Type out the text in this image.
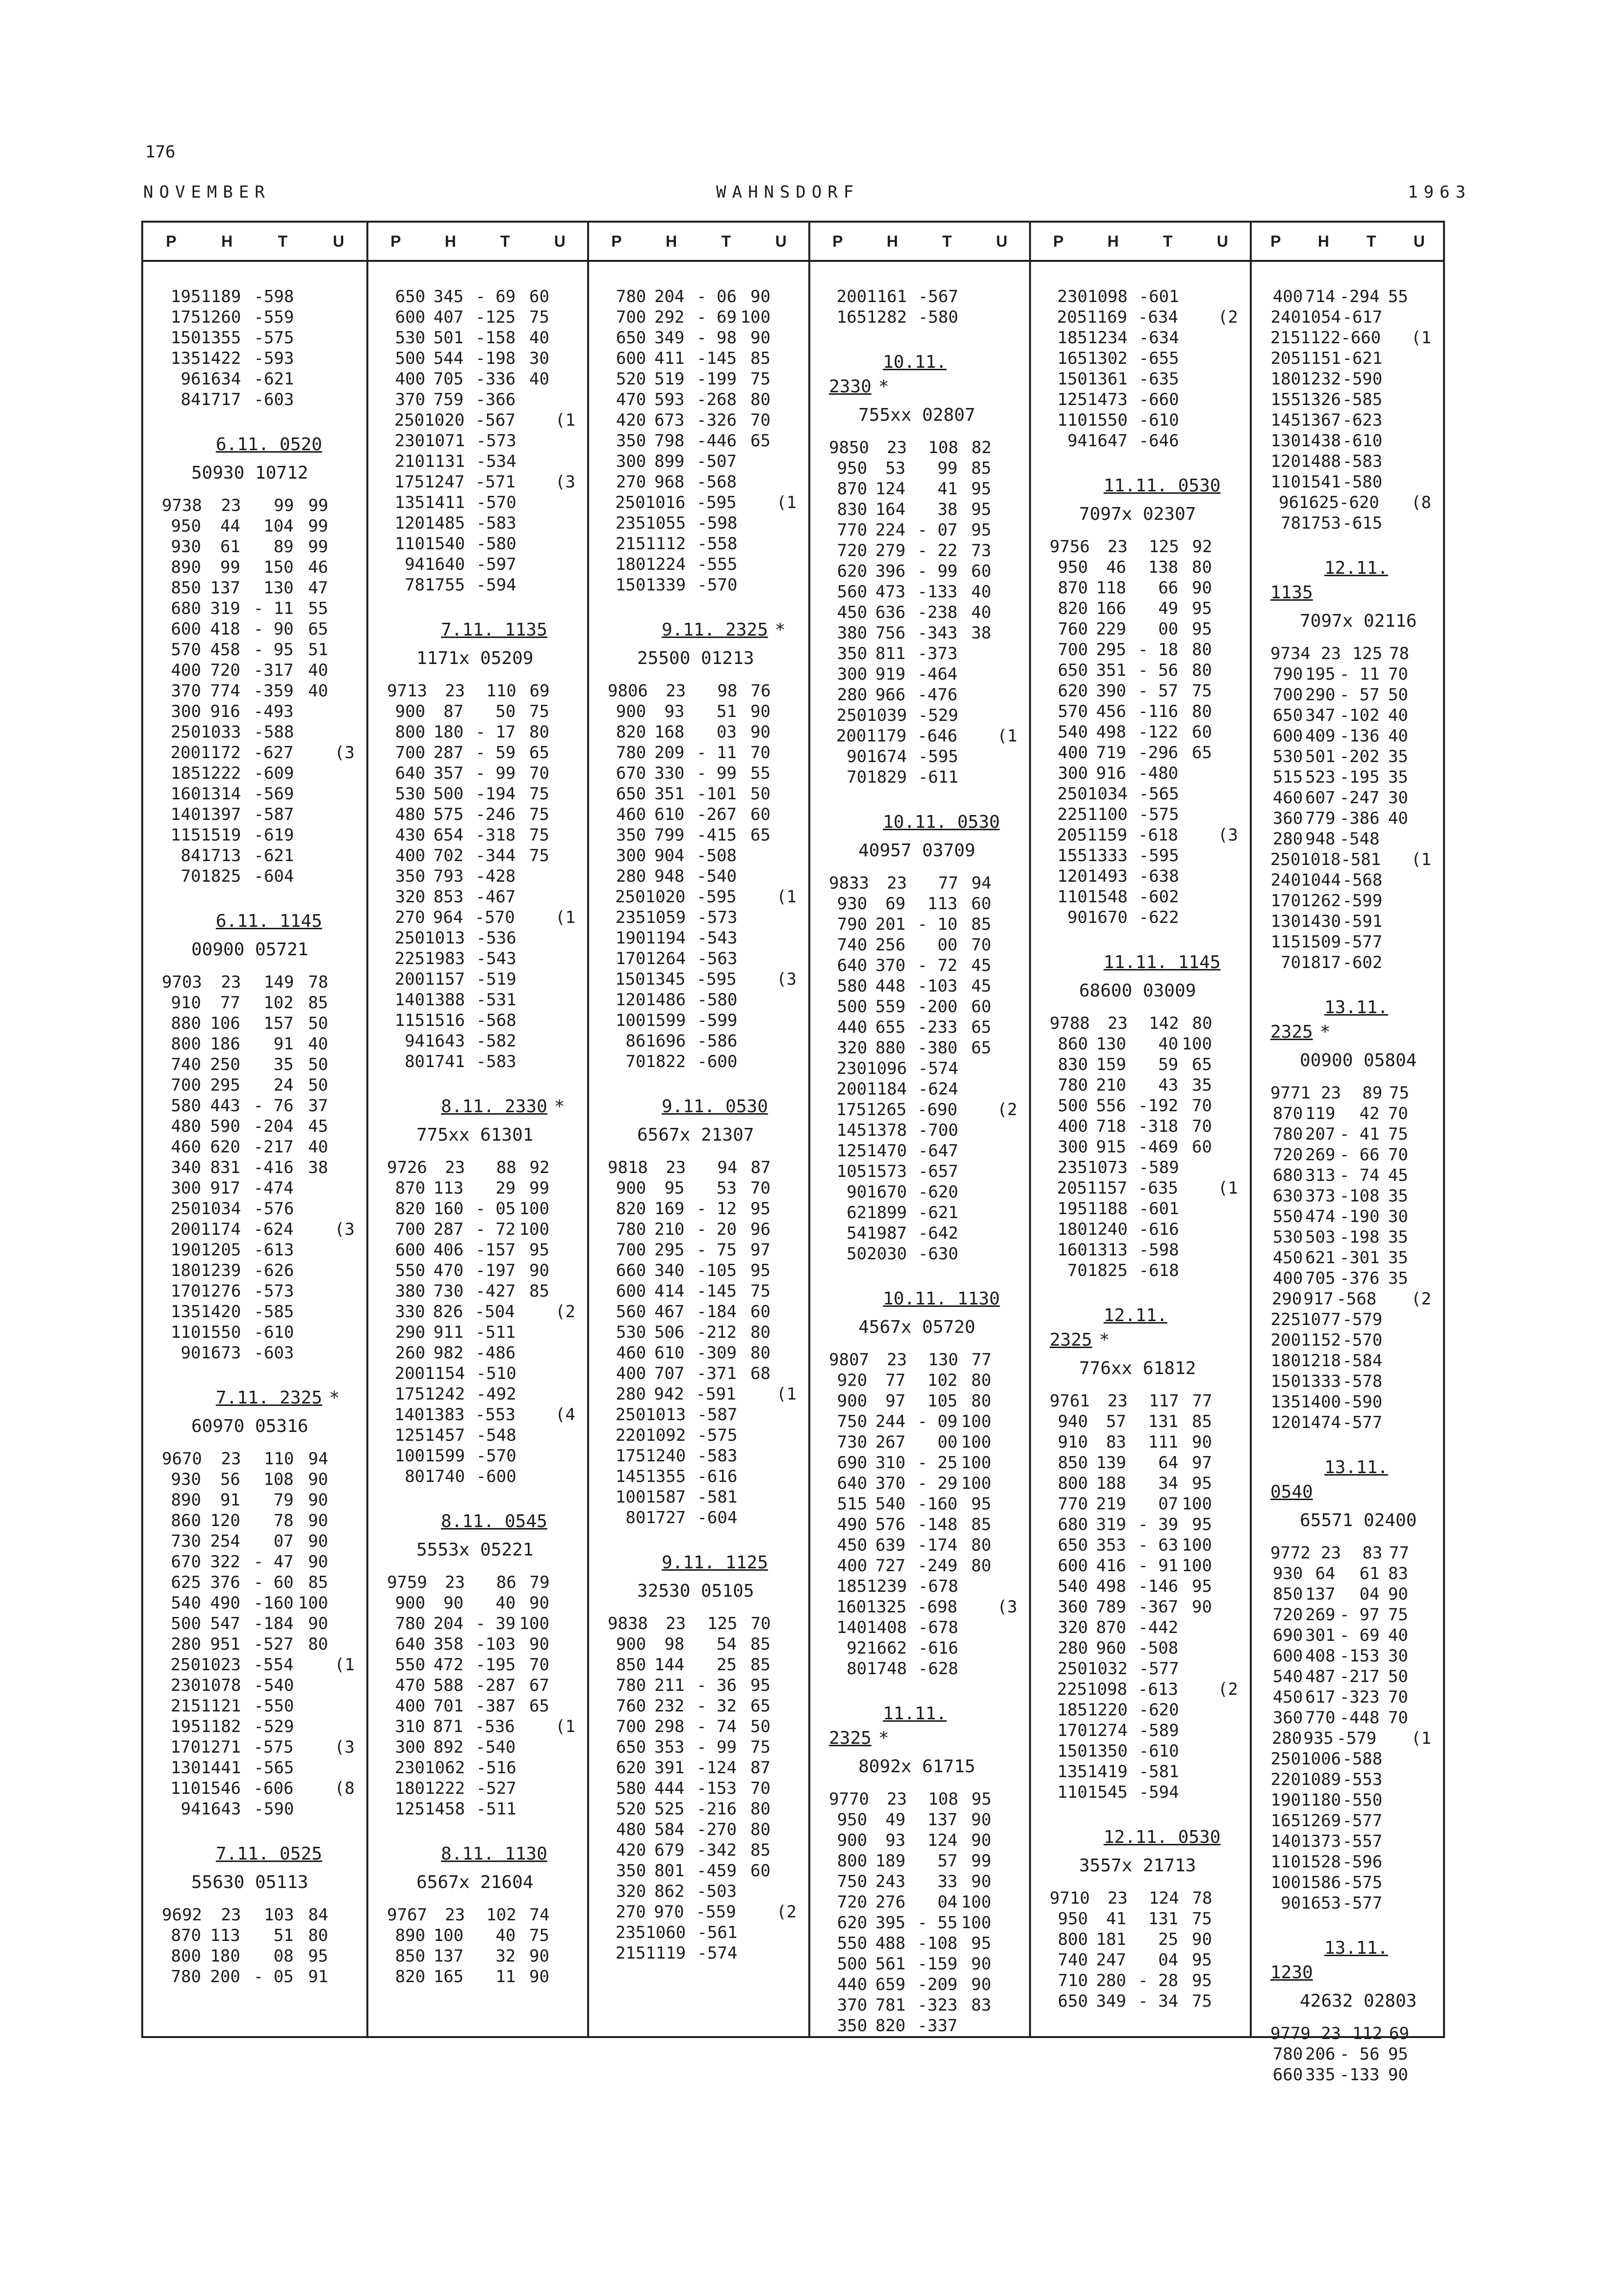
176
NOVEMBER	WAHNSDORF	1963
P	H	T	U
195 1189 -598
175 1260 -559
150 1355 -575
135 1422 -593
96 1634 -621
84 1717 -603
6.11. 0520
50930 10712
9738	23	99 99
950	44	104 99
930	61	89 99
890	99	150 46
850 137	130 47
680 319 - 11 55
600 418 - 90 65
570 458 - 95 51
400 720 -317 40
370 774 -359 40
300 916 -493
250 1033 -588
200 1172 -627	(3
185 1222 -609
160 1314 -569
140 1397 -587
115 1519 -619
84 1713 -621
70 1825 -604
6.11. 1145
00900 05721
9703	23	149 78
910	77	102 85
880 106	157 50
800 186	91 40
740 250	35 50
700 295	24 50
580 443 - 76 37
480 590 -204 45
460 620 -217 40
340 831 -416 38
300 917 -474
250 1034 -576
200 1174 -624	(3
190 1205 -613
180 1239 -626
170 1276 -573
135 1420 -585
110 1550 -610
90 1673 -603
7.11. 2325 *
60970 05316
9670	23	110 94
930	56	108 90
890	91	79 90
860 120	78 90
730 254	07 90
670 322 - 47 90
625 376 - 60 85
540 490 -160 100
500 547 -184 90
280 951 -527 80
250 1023 -554	(1
230 1078 -540
215 1121 -550
195 1182 -529
170 1271 -575	(3
130 1441 -565
110 1546 -606	(8
94 1643 -590
7.11. 0525
55630 05113
9692	23	103 84
870 113	51 80
800 180	08 95
780 200 - 05 91
P	H	T	U
650 345 - 69 60
600 407 -125 75
530 501 -158 40
500 544 -198 30
400 705 -336 40
370 759 -366
250 1020 -567	(1
230 1071 -573
210 1131 -534
175 1247 -571	(3
135 1411 -570
120 1485 -583
110 1540 -580
94 1640 -597
78 1755 -594
7.11. 1135
1171x 05209
9713	23	110 69
900	87	50 75
800 180 - 17 80
700 287 - 59 65
640 357 - 99 70
530 500 -194 75
480 575 -246 75
430 654 -318 75
400 702 -344 75
350 793 -428
320 853 -467
270 964 -570	(1
250 1013 -536
225 1983 -543
200 1157 -519
140 1388 -531
115 1516 -568
94 1643 -582
80 1741 -583
8.11. 2330 *
775xx 61301
9726	23	88 92
870 113	29 99
820 160 - 05 100
700 287 - 72 100
600 406 -157 95
550 470 -197 90
380 730 -427 85
330 826 -504	(2
290 911 -511
260 982 -486
200 1154 -510
175 1242 -492
140 1383 -553	(4
125 1457 -548
100 1599 -570
80 1740 -600
8.11. 0545
5553x 05221
9759	23	86 79
900	90	40 90
780 204 - 39 100
640 358 -103 90
550 472 -195 70
470 588 -287 67
400 701 -387 65
310 871 -536	(1
300 892 -540
230 1062 -516
180 1222 -527
125 1458 -511
8.11. 1130
6567x 21604
9767	23	102 74
890 100	40 75
850 137	32 90
820 165	11 90
P	H	T	U
780 204 - 06 90
700 292 - 69 100
650 349 - 98 90
600 411 -145 85
520 519 -199 75
470 593 -268 80
420 673 -326 70
350 798 -446 65
300 899 -507
270 968 -568
250 1016 -595	(1
235 1055 -598
215 1112 -558
180 1224 -555
150 1339 -570
9.11. 2325 *
25500 01213
9806	23	98 76
900	93	51 90
820 168	03 90
780 209 - 11 70
670 330 - 99 55
650 351 -101 50
460 610 -267 60
350 799 -415 65
300 904 -508
280 948 -540
250 1020 -595	(1
235 1059 -573
190 1194 -543
170 1264 -563
150 1345 -595	(3
120 1486 -580
100 1599 -599
86 1696 -586
70 1822 -600
9.11. 0530
6567x 21307
9818	23	94 87
900	95	53 70
820 169 - 12 95
780 210 - 20 96
700 295 - 75 97
660 340 -105 95
600 414 -145 75
560 467 -184 60
530 506 -212 80
460 610 -309 80
400 707 -371 68
280 942 -591	(1
250 1013 -587
220 1092 -575
175 1240 -583
145 1355 -616
100 1587 -581
80 1727 -604
9.11. 1125
32530 05105
9838	23	125 70
900	98	54 85
850 144	25 85
780 211 - 36 95
760 232 - 32 65
700 298 - 74 50
650 353 - 99 75
620 391 -124 87
580 444 -153 70
520 525 -216 80
480 584 -270 80
420 679 -342 85
350 801 -459 60
320 862 -503
270 970 -559	(2
235 1060 -561
215 1119 -574
P	H	T	U
200 1161 -567
165 1282 -580
10.11. 2330 *
755xx 02807
9850	23	108 82
950	53	99 85
870 124	41 95
830 164	38 95
770 224 - 07 95
720 279 - 22 73
620 396 - 99 60
560 473 -133 40
450 636 -238 40
380 756 -343 38
350 811 -373
300 919 -464
280 966 -476
250 1039 -529
200 1179 -646	(1
90 1674 -595
70 1829 -611
10.11. 0530
40957 03709
9833	23	77 94
930	69	113 60
790 201 - 10 85
740 256	00 70
640 370 - 72 45
580 448 -103 45
500 559 -200 60
440 655 -233 65
320 880 -380 65
230 1096 -574
200 1184 -624
175 1265 -690	(2
145 1378 -700
125 1470 -647
105 1573 -657
90 1670 -620
62 1899 -621
54 1987 -642
50 2030 -630
10.11. 1130
4567x 05720
9807	23	130 77
920	77	102 80
900	97	105 80
750 244 - 09 100
730 267	00 100
690 310 - 25 100
640 370 - 29 100
515 540 -160 95
490 576 -148 85
450 639 -174 80
400 727 -249 80
185 1239 -678
160 1325 -698	(3
140 1408 -678
92 1662 -616
80 1748 -628
11.11. 2325 *
8092x 61715
9770	23	108 95
950	49	137 90
900	93	124 90
800 189	57 99
750 243	33 90
720 276	04 100
620 395 - 55 100
550 488 -108 95
500 561 -159 90
440 659 -209 90
370 781 -323 83
350 820 -337
P	H	T	U
230 1098 -601
205 1169 -634	(2
185 1234 -634
165 1302 -655
150 1361 -635
125 1473 -660
110 1550 -610
94 1647 -646
11.11. 0530
7097x 02307
9756	23	125 92
950	46	138 80
870 118	66 90
820 166	49 95
760 229	00 95
700 295 - 18 80
650 351 - 56 80
620 390 - 57 75
570 456 -116 80
540 498 -122 60
400 719 -296 65
300 916 -480
250 1034 -565
225 1100 -575
205 1159 -618	(3
155 1333 -595
120 1493 -638
110 1548 -602
90 1670 -622
11.11. 1145
68600 03009
9788	23	142 80
860 130	40 100
830 159	59 65
780 210	43 35
500 556 -192 70
400 718 -318 70
300 915 -469 60
235 1073 -589
205 1157 -635	(1
195 1188 -601
180 1240 -616
160 1313 -598
70 1825 -618
12.11. 2325 *
776xx 61812
9761	23	117 77
940	57	131 85
910	83	111 90
850 139	64 97
800 188	34 95
770 219	07 100
680 319 - 39 95
650 353 - 63 100
600 416 - 91 100
540 498 -146 95
360 789 -367 90
320 870 -442
280 960 -508
250 1032 -577
225 1098 -613	(2
185 1220 -620
170 1274 -589
150 1350 -610
135 1419 -581
110 1545 -594
12.11. 0530
3557x 21713
9710	23	124 78
950	41	131 75
800 181	25 90
740 247	04 95
710 280 - 28 95
650 349 - 34 75
P	H	T	U
400 714 -294 55
240 1054 -617
215 1122 -660	(1
205 1151 -621
180 1232 -590
155 1326 -585
145 1367 -623
130 1438 -610
120 1488 -583
110 1541 -580
96 1625 -620	(8
78 1753 -615
12.11. 1135
7097x 02116
9734 23 125 78
790 195 - 11 70
700 290 - 57 50
650 347 -102 40
600 409 -136 40
530 501 -202 35
515 523 -195 35
460 607 -247 30
360 779 -386 40
280 948 -548
250 1018 -581	(1
240 1044 -568
170 1262 -599
130 1430 -591
115 1509 -577
70 1817 -602
13.11. 2325 *
00900 05804
9771 23	89 75
870 119	42 70
780 207 - 41 75
720 269 - 66 70
680 313 - 74 45
630 373 -108 35
550 474 -190 30
530 503 -198 35
450 621 -301 35
400 705 -376 35
290 917 -568	(2
225 1077 -579
200 1152 -570
180 1218 -584
150 1333 -578
135 1400 -590
120 1474 -577
13.11. 0540
65571 02400
9772 23	83 77
930 64	61 83
850 137	04 90
720 269 - 97 75
690 301 - 69 40
600 408 -153 30
540 487 -217 50
450 617 -323 70
360 770 -448 70
280 935 -579	(1
250 1006 -588
220 1089 -553
190 1180 -550
165 1269 -577
140 1373 -557
110 1528 -596
100 1586 -575
90 1653 -577
13.11. 1230
42632 02803
9779 23 112 69
780 206 - 56 95
660 335 -133 90
